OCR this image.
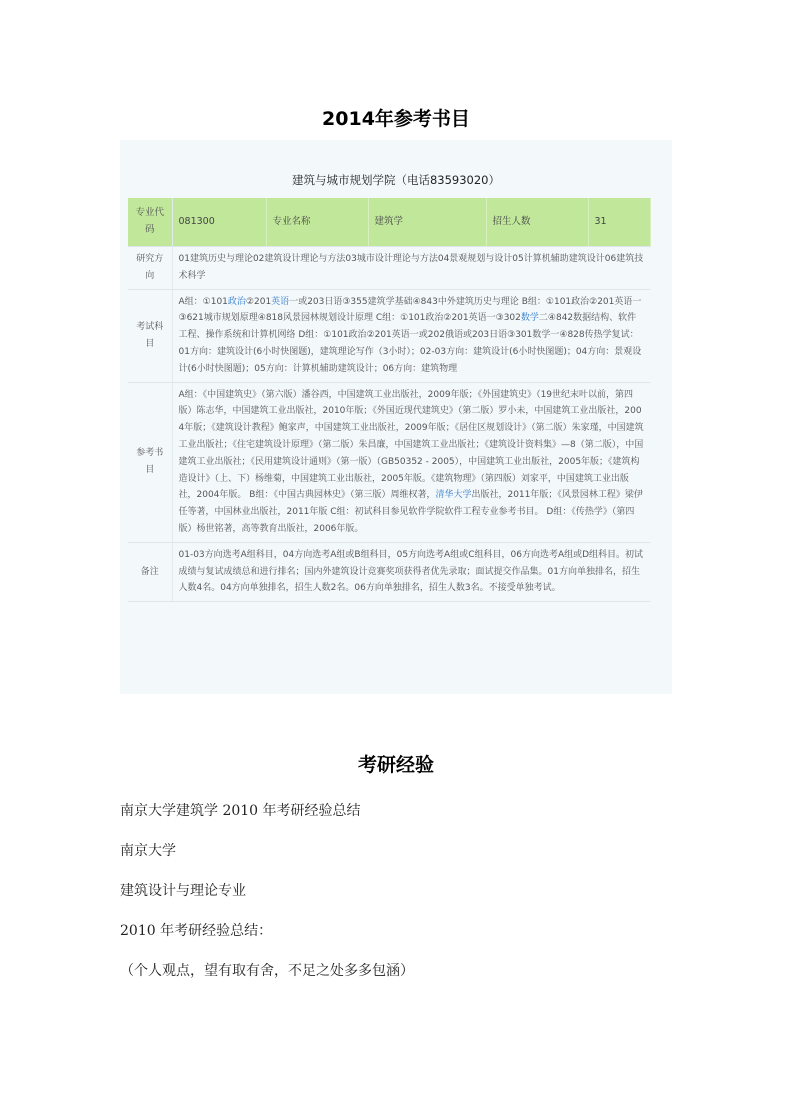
2014年参考书目
建筑与城市规划学院（电话83593020）
专业代码	081300	专业名称	建筑学	招生人数	31
研究方向	01建筑历史与理论02建筑设计理论与方法03城市设计理论与方法04景观规划与设计05计算机辅助建筑设计06建筑技术科学				
考试科目	A组：①101政治②201英语一或203日语③355建筑学基础④843中外建筑历史与理论 B组：①101政治②201英语一③621城市规划原理④818风景园林规划设计原理 C组：①101政治②201英语一③302数学二④842数据结构、软件工程、操作系统和计算机网络 D组：①101政治②201英语一或202俄语或203日语③301数学一④828传热学复试：01方向：建筑设计(6小时快图题)，建筑理论写作（3小时）；02-03方向：建筑设计(6小时快图题)；04方向：景观设计(6小时快图题)；05方向：计算机辅助建筑设计；06方向：建筑物理				
参考书目	A组：《中国建筑史》（第六版）潘谷西，中国建筑工业出版社，2009年版；《外国建筑史》（19世纪末叶以前，第四版）陈志华，中国建筑工业出版社，2010年版；《外国近现代建筑史》（第二版）罗小未，中国建筑工业出版社，2004年版；《建筑设计教程》鲍家声，中国建筑工业出版社，2009年版；《居住区规划设计》（第二版）朱家瑾，中国建筑工业出版社；《住宅建筑设计原理》（第二版）朱昌廉，中国建筑工业出版社；《建筑设计资料集》—8（第二版），中国建筑工业出版社；《民用建筑设计通则》（第一版）（GB50352 - 2005），中国建筑工业出版社，2005年版；《建筑构造设计》（上、下）杨维菊，中国建筑工业出版社，2005年版。《建筑物理》（第四版）刘家平，中国建筑工业出版社，2004年版。 B组：《中国古典园林史》（第三版）周维权著，清华大学出版社，2011年版；《风景园林工程》梁伊任等著，中国林业出版社，2011年版 C组：初试科目参见软件学院软件工程专业参考书目。 D组：《传热学》（第四版）杨世铭著，高等教育出版社，2006年版。				
备注	01-03方向选考A组科目，04方向选考A组或B组科目，05方向选考A组或C组科目，06方向选考A组或D组科目。初试成绩与复试成绩总和进行排名；国内外建筑设计竞赛奖项获得者优先录取；面试提交作品集。01方向单独排名，招生人数4名。04方向单独排名，招生人数2名。06方向单独排名，招生人数3名。不接受单独考试。				
考研经验
南京大学建筑学 2010 年考研经验总结
南京大学
建筑设计与理论专业
2010 年考研经验总结：
（个人观点，望有取有舍，不足之处多多包涵）
